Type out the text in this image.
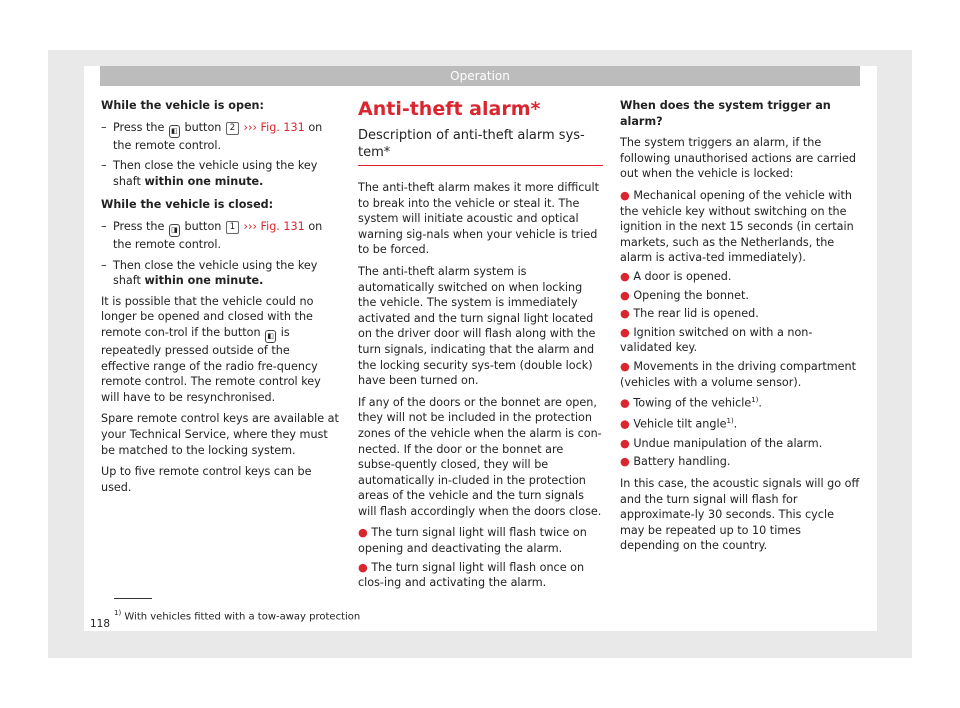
Operation

While the vehicle is open:

– Press the ◧ button 2 ››› Fig. 131 on the remote control.
– Then close the vehicle using the key shaft within one minute.

While the vehicle is closed:

– Press the ◨ button 1 ››› Fig. 131 on the remote control.
– Then close the vehicle using the key shaft within one minute.

It is possible that the vehicle could no longer be opened and closed with the remote con-trol if the button ◧ is repeatedly pressed outside of the effective range of the radio fre-quency remote control. The remote control key will have to be resynchronised.

Spare remote control keys are available at your Technical Service, where they must be matched to the locking system.

Up to five remote control keys can be used.

Anti-theft alarm*
Description of anti-theft alarm sys-tem*

The anti-theft alarm makes it more difficult to break into the vehicle or steal it. The system will initiate acoustic and optical warning sig-nals when your vehicle is tried to be forced.

The anti-theft alarm system is automatically switched on when locking the vehicle. The system is immediately activated and the turn signal light located on the driver door will flash along with the turn signals, indicating that the alarm and the locking security sys-tem (double lock) have been turned on.

If any of the doors or the bonnet are open, they will not be included in the protection zones of the vehicle when the alarm is con-nected. If the door or the bonnet are subse-quently closed, they will be automatically in-cluded in the protection areas of the vehicle and the turn signals will flash accordingly when the doors close.

● The turn signal light will flash twice on opening and deactivating the alarm.
● The turn signal light will flash once on clos-ing and activating the alarm.

When does the system trigger an alarm?

The system triggers an alarm, if the following unauthorised actions are carried out when the vehicle is locked:

● Mechanical opening of the vehicle with the vehicle key without switching on the ignition in the next 15 seconds (in certain markets, such as the Netherlands, the alarm is activa-ted immediately).
● A door is opened.
● Opening the bonnet.
● The rear lid is opened.
● Ignition switched on with a non-validated key.
● Movements in the driving compartment (vehicles with a volume sensor).
● Towing of the vehicle$^{1)}$.
● Vehicle tilt angle$^{1)}$.
● Undue manipulation of the alarm.
● Battery handling.

In this case, the acoustic signals will go off and the turn signal will flash for approximate-ly 30 seconds. This cycle may be repeated up to 10 times depending on the country.

$^{1)}$ With vehicles fitted with a tow-away protection
118
